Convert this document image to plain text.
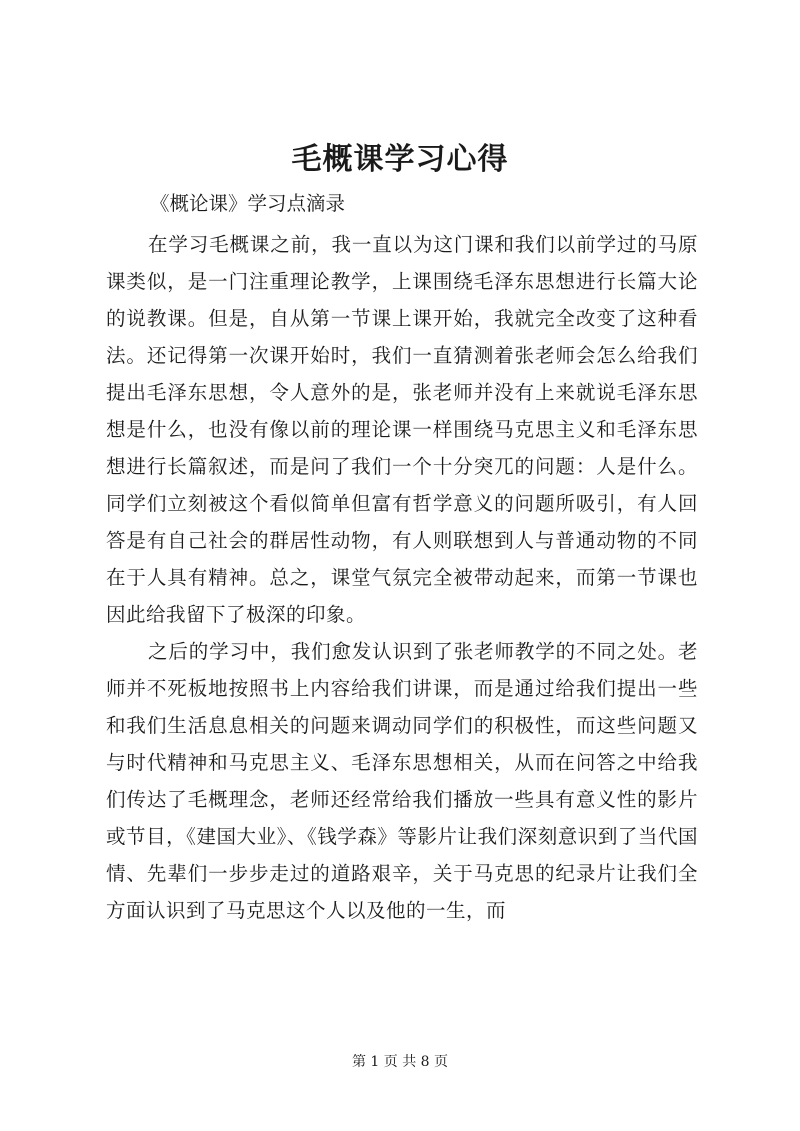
毛概课学习心得

《概论课》学习点滴录

在学习毛概课之前，我一直以为这门课和我们以前学过的马原课类似，是一门注重理论教学，上课围绕毛泽东思想进行长篇大论的说教课。但是，自从第一节课上课开始，我就完全改变了这种看法。还记得第一次课开始时，我们一直猜测着张老师会怎么给我们提出毛泽东思想，令人意外的是，张老师并没有上来就说毛泽东思想是什么，也没有像以前的理论课一样围绕马克思主义和毛泽东思想进行长篇叙述，而是问了我们一个十分突兀的问题：人是什么。同学们立刻被这个看似简单但富有哲学意义的问题所吸引，有人回答是有自己社会的群居性动物，有人则联想到人与普通动物的不同在于人具有精神。总之，课堂气氛完全被带动起来，而第一节课也因此给我留下了极深的印象。

之后的学习中，我们愈发认识到了张老师教学的不同之处。老师并不死板地按照书上内容给我们讲课，而是通过给我们提出一些和我们生活息息相关的问题来调动同学们的积极性，而这些问题又与时代精神和马克思主义、毛泽东思想相关，从而在问答之中给我们传达了毛概理念，老师还经常给我们播放一些具有意义性的影片或节目，《建国大业》、《钱学森》等影片让我们深刻意识到了当代国情、先辈们一步步走过的道路艰辛，关于马克思的纪录片让我们全方面认识到了马克思这个人以及他的一生，而

第 1 页 共 8 页
